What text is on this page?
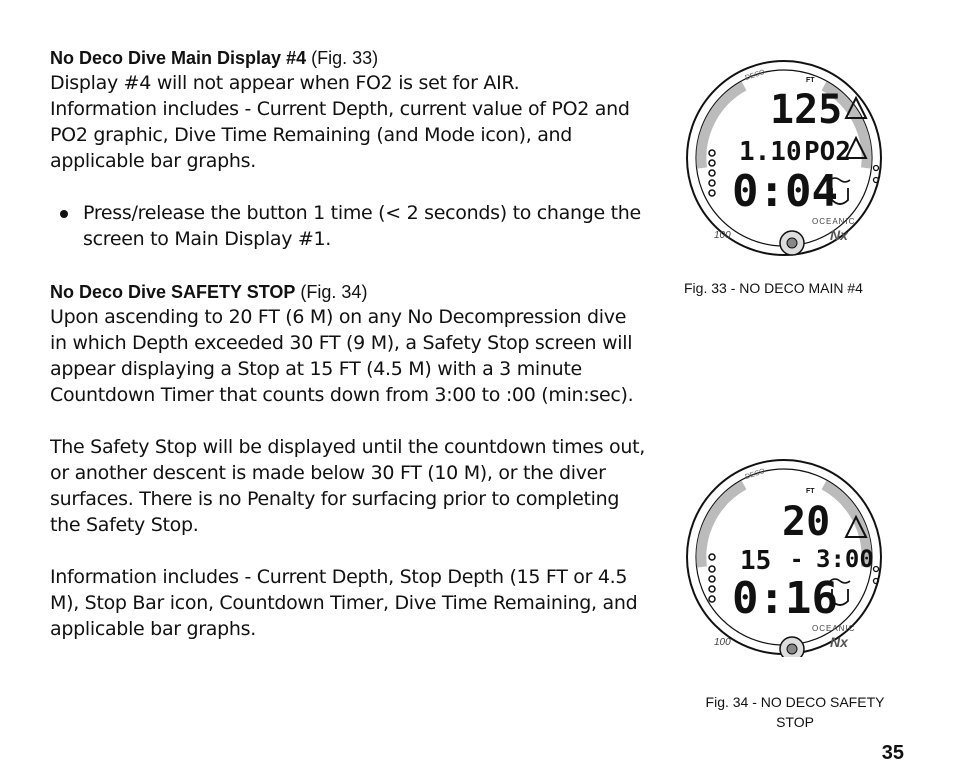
No Deco Dive Main Display #4 (Fig. 33)

Display #4 will not appear when FO2 is set for AIR.

Information includes - Current Depth, current value of PO2 and

PO2 graphic, Dive Time Remaining (and Mode icon), and

applicable bar graphs.

Press/release the button 1 time (< 2 seconds) to change the
screen to Main Display #1.

No Deco Dive SAFETY STOP (Fig. 34)

Upon ascending to 20 FT (6 M) on any No Decompression dive

in which Depth exceeded 30 FT (9 M), a Safety Stop screen will

appear displaying a Stop at 15 FT (4.5 M) with a 3 minute

Countdown Timer that counts down from 3:00 to :00 (min:sec).

The Safety Stop will be displayed until the countdown times out,

or another descent is made below 30 FT (10 M), or the diver

surfaces. There is no Penalty for surfacing prior to completing

the Safety Stop.

Information includes - Current Depth, Stop Depth (15 FT or 4.5

M), Stop Bar icon, Countdown Timer, Dive Time Remaining, and

applicable bar graphs.

DECO	FT
125
1.10 PO2
0:04
100
OCEANIC
Nx
Fig. 33 - NO DECO MAIN #4
DECO
FT
20
15 - 3:00
0:16
100
OCEANIC
Nx
Fig. 34 - NO DECO SAFETY
STOP
35
